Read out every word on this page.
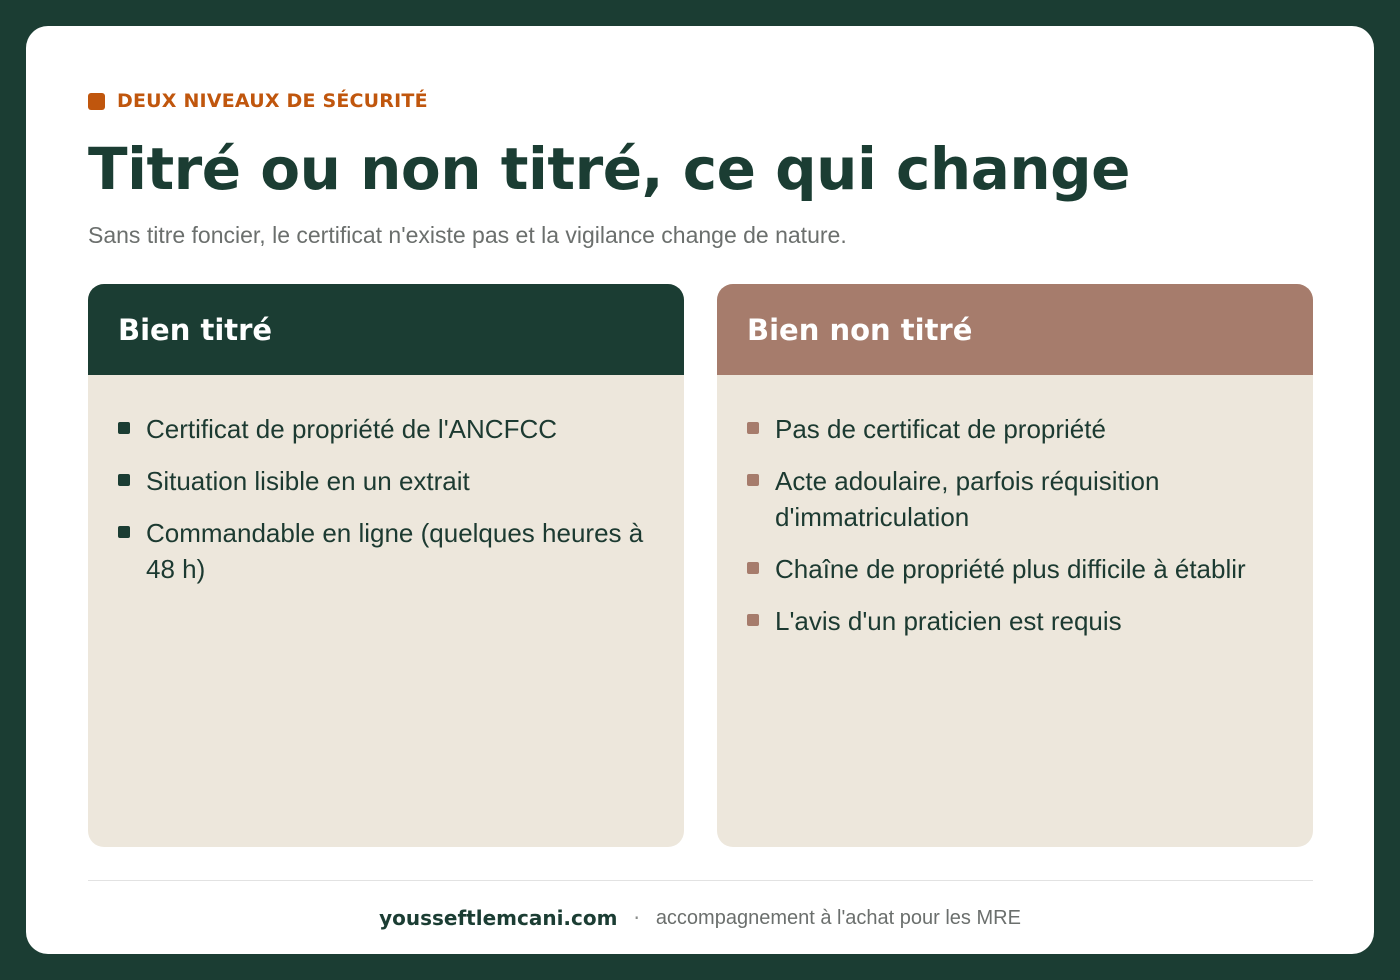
DEUX NIVEAUX DE SÉCURITÉ
Titré ou non titré, ce qui change

Sans titre foncier, le certificat n'existe pas et la vigilance change de nature.

Bien titré
Certificat de propriété de l'ANCFCC
Situation lisible en un extrait
Commandable en ligne (quelques heures à 48 h)
Bien non titré
Pas de certificat de propriété
Acte adoulaire, parfois réquisition d'immatriculation
Chaîne de propriété plus difficile à établir
L'avis d'un praticien est requis
yousseftlemcani.com · accompagnement à l'achat pour les MRE
